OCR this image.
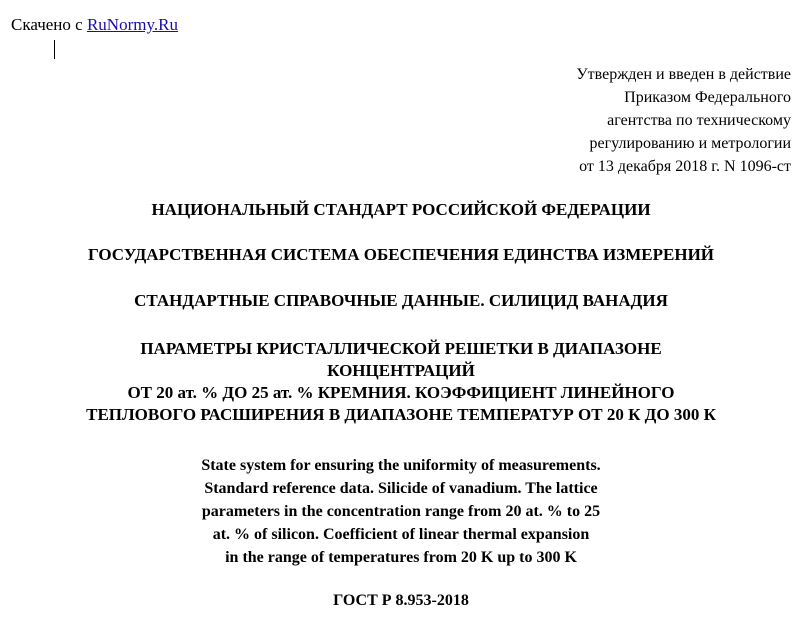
Скачено с RuNormy.Ru
Утвержден и введен в действие
Приказом Федерального
агентства по техническому
регулированию и метрологии
от 13 декабря 2018 г. N 1096-ст
НАЦИОНАЛЬНЫЙ СТАНДАРТ РОССИЙСКОЙ ФЕДЕРАЦИИ
ГОСУДАРСТВЕННАЯ СИСТЕМА ОБЕСПЕЧЕНИЯ ЕДИНСТВА ИЗМЕРЕНИЙ
СТАНДАРТНЫЕ СПРАВОЧНЫЕ ДАННЫЕ. СИЛИЦИД ВАНАДИЯ
ПАРАМЕТРЫ КРИСТАЛЛИЧЕСКОЙ РЕШЕТКИ В ДИАПАЗОНЕ
КОНЦЕНТРАЦИЙ
ОТ 20 ат. % ДО 25 ат. % КРЕМНИЯ. КОЭФФИЦИЕНТ ЛИНЕЙНОГО
ТЕПЛОВОГО РАСШИРЕНИЯ В ДИАПАЗОНЕ ТЕМПЕРАТУР ОТ 20 К ДО 300 К
State system for ensuring the uniformity of measurements.
Standard reference data. Silicide of vanadium. The lattice
parameters in the concentration range from 20 at. % to 25
at. % of silicon. Coefficient of linear thermal expansion
in the range of temperatures from 20 K up to 300 K
ГОСТ Р 8.953-2018
